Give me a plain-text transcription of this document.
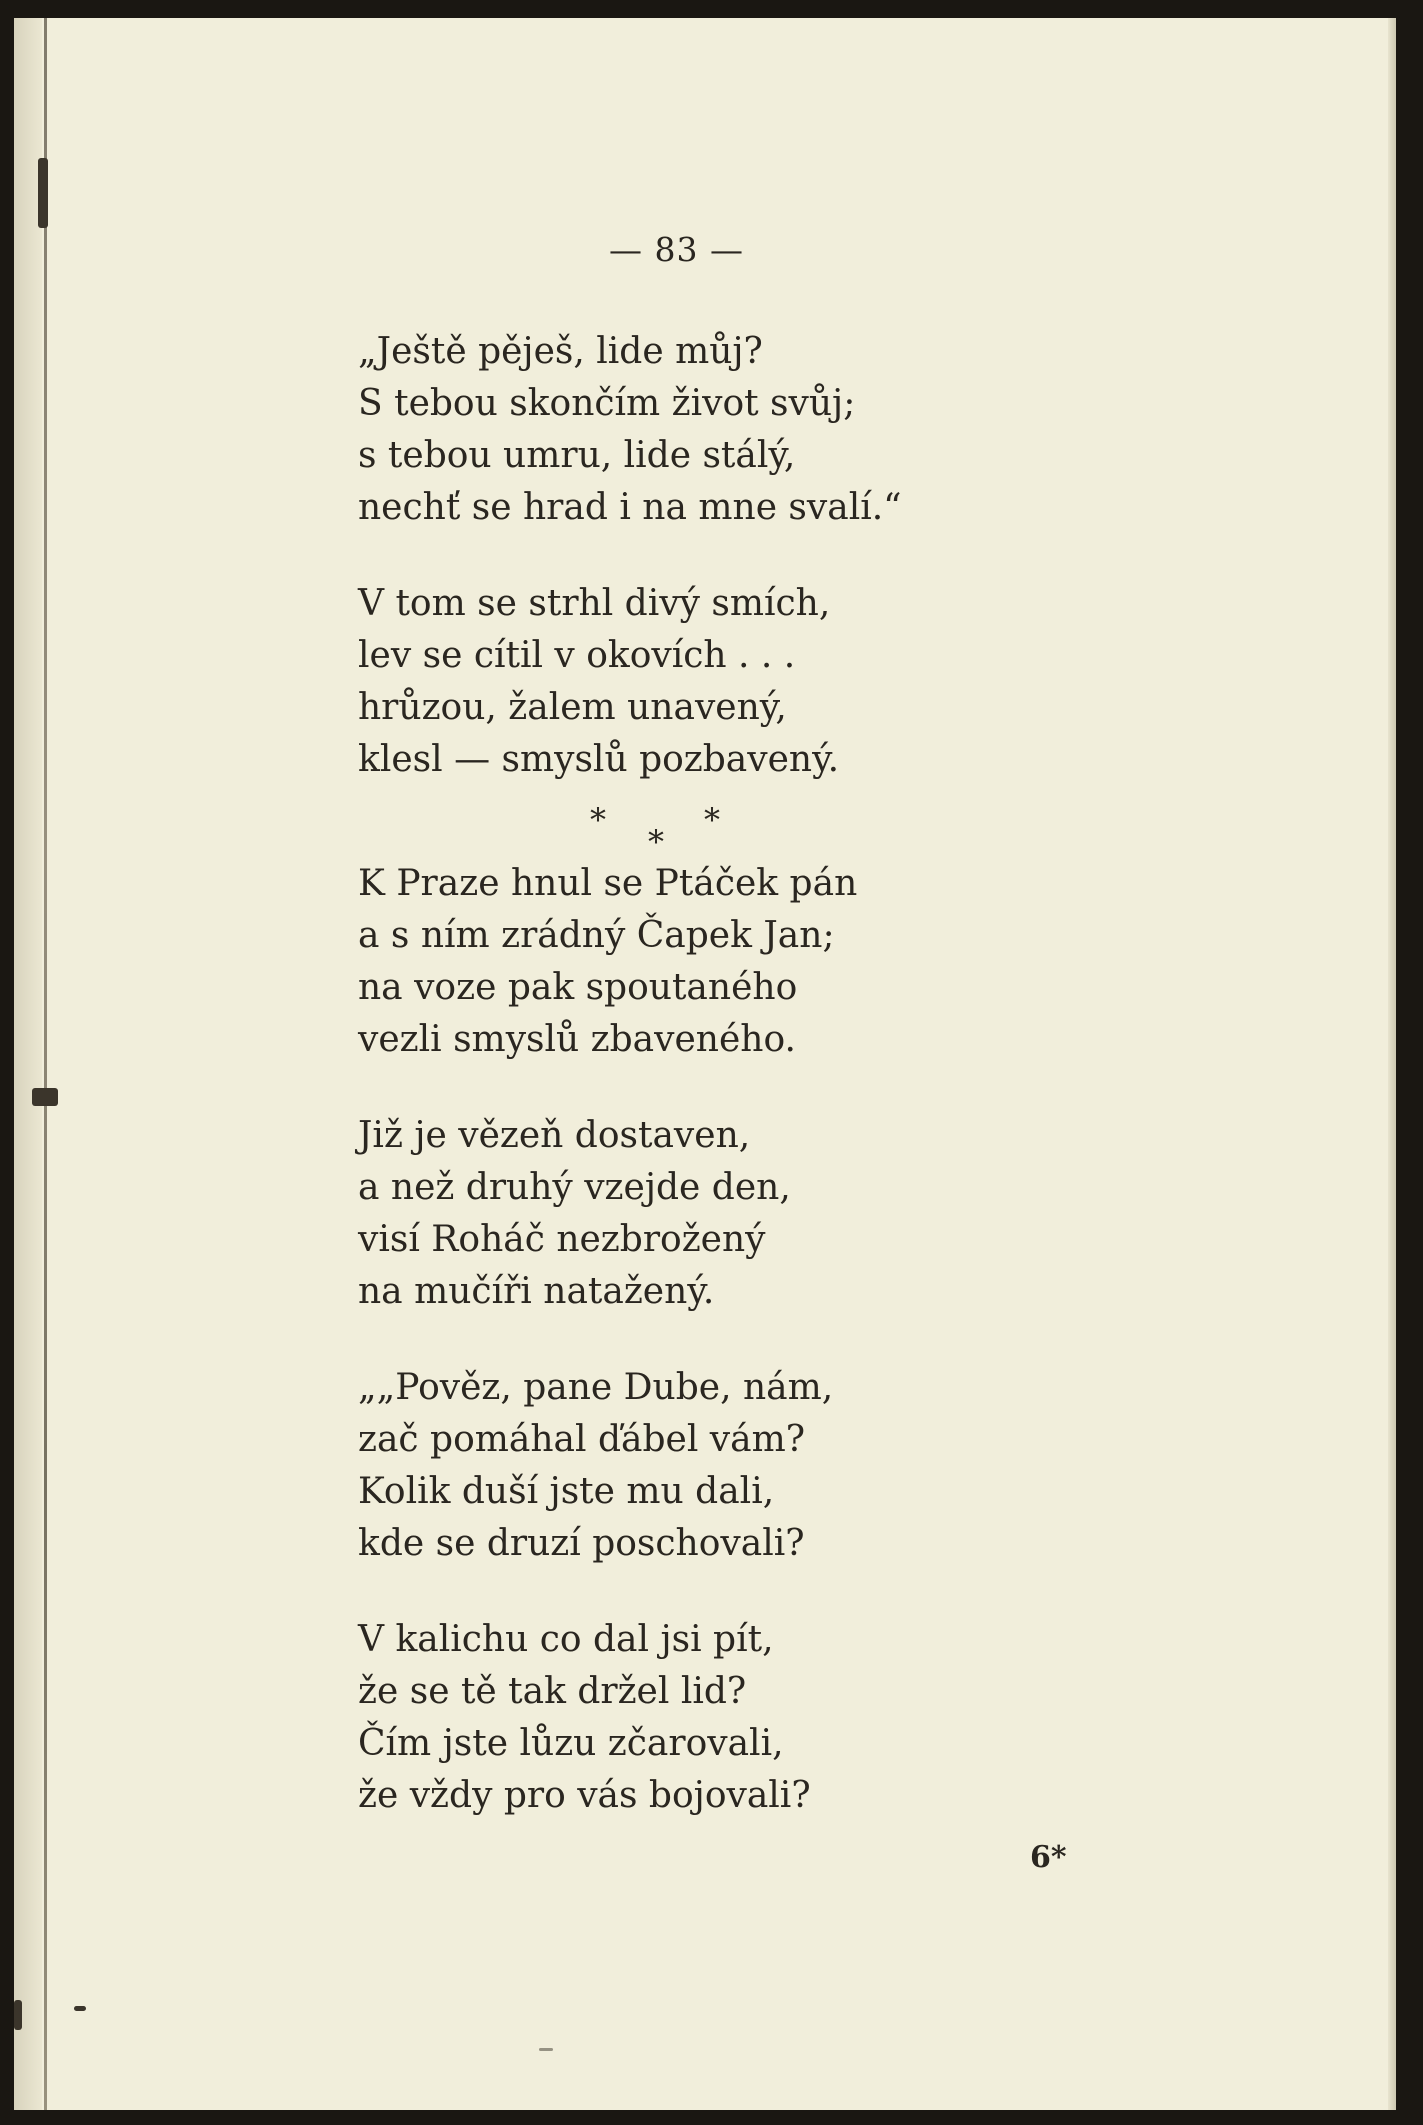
— 83 —
„Ještě pěješ, lide můj?
S tebou skončím život svůj;
s tebou umru, lide stálý,
nechť se hrad i na mne svalí.“
V tom se strhl divý smích,
lev se cítil v okovích . . .
hrůzou, žalem unavený,
klesl — smyslů pozbavený.
*
*
*
K Praze hnul se Ptáček pán
a s ním zrádný Čapek Jan;
na voze pak spoutaného
vezli smyslů zbaveného.
Již je vězeň dostaven,
a než druhý vzejde den,
visí Roháč nezbrožený
na mučíři natažený.
„„Pověz, pane Dube, nám,
zač pomáhal ďábel vám?
Kolik duší jste mu dali,
kde se druzí poschovali?
V kalichu co dal jsi pít,
že se tě tak držel lid?
Čím jste lůzu zčarovali,
že vždy pro vás bojovali?
6*
